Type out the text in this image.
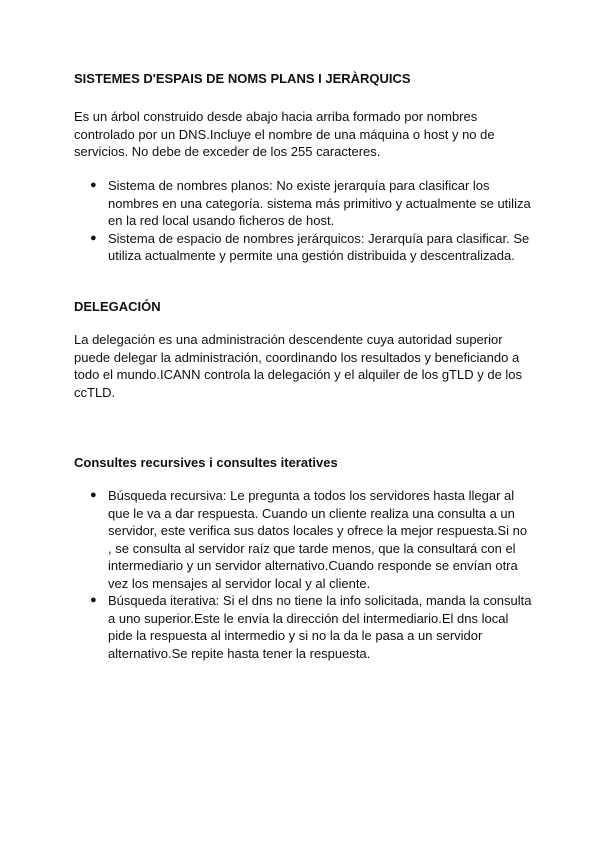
SISTEMES D'ESPAIS DE NOMS PLANS I JERÀRQUICS

Es un árbol construido desde abajo hacia arriba formado por nombres controlado por un DNS.Incluye el nombre de una máquina o host y no de servicios. No debe de exceder de los 255 caracteres.

● Sistema de nombres planos: No existe jerarquía para clasificar los nombres en una categoría. sistema más primitivo y actualmente se utiliza en la red local usando ficheros de host.
● Sistema de espacio de nombres jerárquicos: Jerarquía para clasificar. Se utiliza actualmente y permite una gestión distribuida y descentralizada.
DELEGACIÓN

La delegación es una administración descendente cuya autoridad superior puede delegar la administración, coordinando los resultados y beneficiando a todo el mundo.ICANN controla la delegación y el alquiler de los gTLD y de los ccTLD.

Consultes recursives i consultes iteratives
● Búsqueda recursiva: Le pregunta a todos los servidores hasta llegar al que le va a dar respuesta. Cuando un cliente realiza una consulta a un servidor, este verifica sus datos locales y ofrece la mejor respuesta.Si no , se consulta al servidor raíz que tarde menos, que la consultará con el intermediario y un servidor alternativo.Cuando responde se envían otra vez los mensajes al servidor local y al cliente.
● Búsqueda iterativa: Si el dns no tiene la info solicitada, manda la consulta a uno superior.Este le envía la dirección del intermediario.El dns local pide la respuesta al intermedio y si no la da le pasa a un servidor alternativo.Se repite hasta tener la respuesta.
